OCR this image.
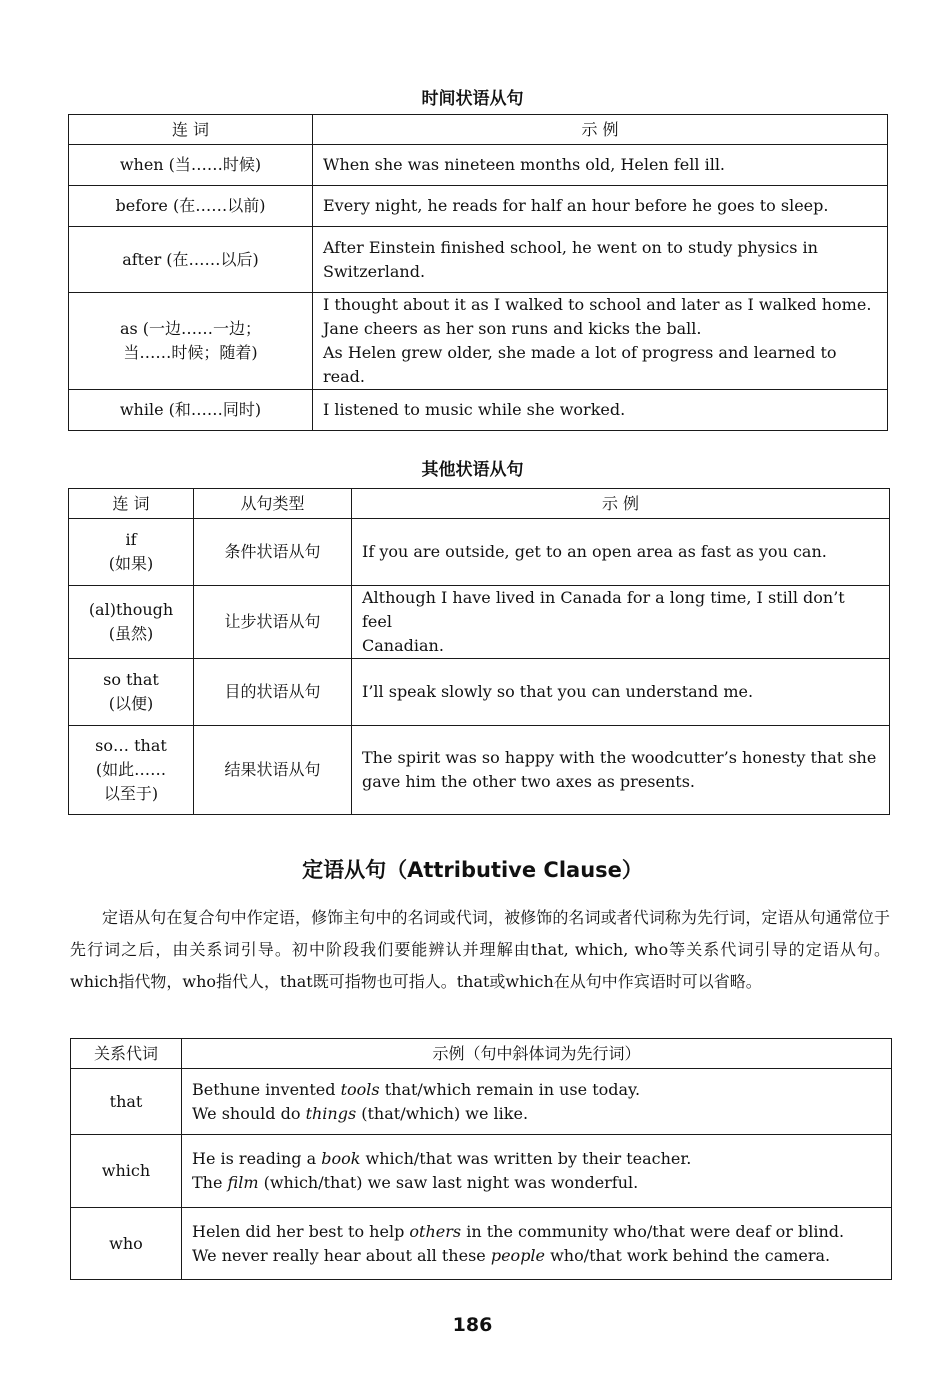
时间状语从句
连 词	示 例
when (当……时候)	When she was nineteen months old, Helen fell ill.
before (在……以前)	Every night, he reads for half an hour before he goes to sleep.
after (在……以后)	After Einstein finished school, he went on to study physics in
Switzerland.
as (一边……一边；
当……时候；随着)	I thought about it as I walked to school and later as I walked home.
Jane cheers as her son runs and kicks the ball.
As Helen grew older, she made a lot of progress and learned to read.
while (和……同时)	I listened to music while she worked.
其他状语从句
连 词	从句类型	示 例
if
(如果)	条件状语从句	If you are outside, get to an open area as fast as you can.
(al)though
(虽然)	让步状语从句	Although I have lived in Canada for a long time, I still don’t feel
Canadian.
so that
(以便)	目的状语从句	I’ll speak slowly so that you can understand me.
so… that
(如此……
以至于)	结果状语从句	The spirit was so happy with the woodcutter’s honesty that she
gave him the other two axes as presents.
定语从句（Attributive Clause）
定语从句在复合句中作定语，修饰主句中的名词或代词，被修饰的名词或者代词称为先行词，定语从句通常位于先行词之后，由关系词引导。初中阶段我们要能辨认并理解由that, which, who等关系代词引导的定语从句。which指代物，who指代人，that既可指物也可指人。that或which在从句中作宾语时可以省略。
关系代词	示例（句中斜体词为先行词）
that	Bethune invented tools that/which remain in use today.
We should do things (that/which) we like.

which	He is reading a book which/that was written by their teacher.
The film (which/that) we saw last night was wonderful.

who	Helen did her best to help others in the community who/that were deaf or blind.
We never really hear about all these people who/that work behind the camera.
186
